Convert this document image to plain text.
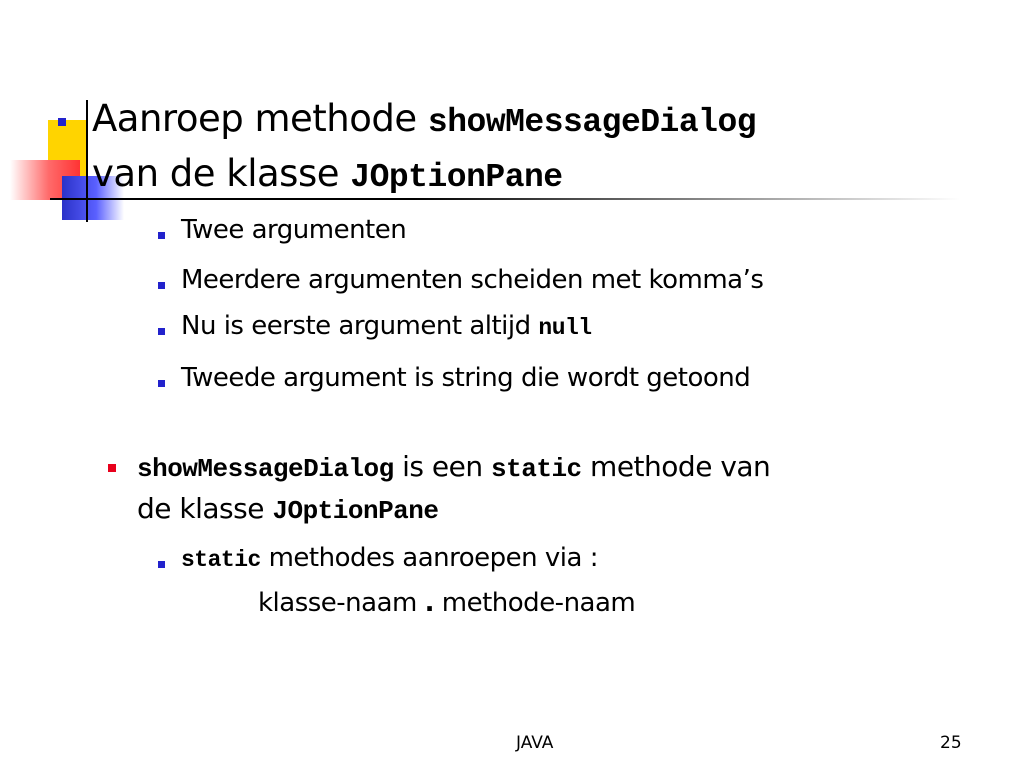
Aanroep methode showMessageDialog
van de klasse JOptionPane
Twee argumenten
Meerdere argumenten scheiden met komma’s
Nu is eerste argument altijd null
Tweede argument is string die wordt getoond
showMessageDialog is een static methode van
de klasse JOptionPane
static methodes aanroepen via :
klasse-naam . methode-naam
JAVA	25
